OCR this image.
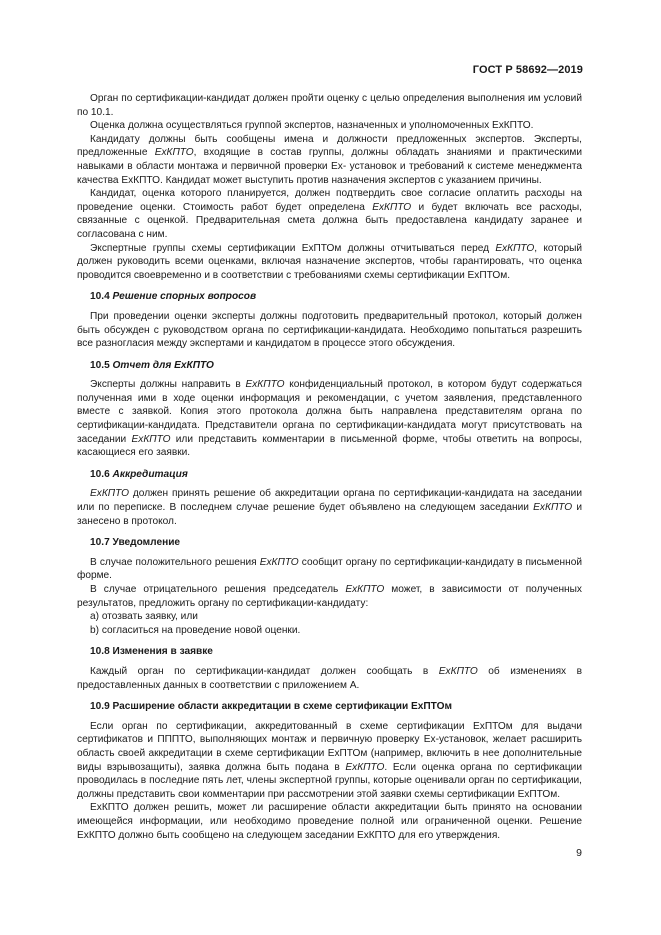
ГОСТ Р 58692—2019

Орган по сертификации-кандидат должен пройти оценку с целью определения выполнения им условий по 10.1.

Оценка должна осуществляться группой экспертов, назначенных и уполномоченных ExКПТО.

Кандидату должны быть сообщены имена и должности предложенных экспертов. Эксперты, предложенные ExКПТО, входящие в состав группы, должны обладать знаниями и практическими навыками в области монтажа и первичной проверки Ex- установок и требований к системе менеджмента качества ExКПТО. Кандидат может выступить против назначения экспертов с указанием причины.

Кандидат, оценка которого планируется, должен подтвердить свое согласие оплатить расходы на проведение оценки. Стоимость работ будет определена ExКПТО и будет включать все расходы, связанные с оценкой. Предварительная смета должна быть предоставлена кандидату заранее и согласована с ним.

Экспертные группы схемы сертификации ExПТОм должны отчитываться перед ExКПТО, который должен руководить всеми оценками, включая назначение экспертов, чтобы гарантировать, что оценка проводится своевременно и в соответствии с требованиями схемы сертификации ExПТОм.

10.4 Решение спорных вопросов

При проведении оценки эксперты должны подготовить предварительный протокол, который должен быть обсужден с руководством органа по сертификации-кандидата. Необходимо попытаться разрешить все разногласия между экспертами и кандидатом в процессе этого обсуждения.

10.5 Отчет для ExКПТО

Эксперты должны направить в ExКПТО конфиденциальный протокол, в котором будут содержаться полученная ими в ходе оценки информация и рекомендации, с учетом заявления, представленного вместе с заявкой. Копия этого протокола должна быть направлена представителям органа по сертификации-кандидата. Представители органа по сертификации-кандидата могут присутствовать на заседании ExКПТО или представить комментарии в письменной форме, чтобы ответить на вопросы, касающиеся его заявки.

10.6 Аккредитация

ExКПТО должен принять решение об аккредитации органа по сертификации-кандидата на заседании или по переписке. В последнем случае решение будет объявлено на следующем заседании ExКПТО и занесено в протокол.

10.7 Уведомление

В случае положительного решения ExКПТО сообщит органу по сертификации-кандидату в письменной форме.

В случае отрицательного решения председатель ExКПТО может, в зависимости от полученных результатов, предложить органу по сертификации-кандидату:

a) отозвать заявку, или

b) согласиться на проведение новой оценки.

10.8 Изменения в заявке

Каждый орган по сертификации-кандидат должен сообщать в ExКПТО об изменениях в предоставленных данных в соответствии с приложением А.

10.9 Расширение области аккредитации в схеме сертификации ExПТОм

Если орган по сертификации, аккредитованный в схеме сертификации ExПТОм для выдачи сертификатов и ПППТО, выполняющих монтаж и первичную проверку Ex-установок, желает расширить область своей аккредитации в схеме сертификации ExПТОм (например, включить в нее дополнительные виды взрывозащиты), заявка должна быть подана в ExКПТО. Если оценка органа по сертификации проводилась в последние пять лет, члены экспертной группы, которые оценивали орган по сертификации, должны представить свои комментарии при рассмотрении этой заявки схемы сертификации ExПТОм.

ExКПТО должен решить, может ли расширение области аккредитации быть принято на основании имеющейся информации, или необходимо проведение полной или ограниченной оценки. Решение ExКПТО должно быть сообщено на следующем заседании ExКПТО для его утверждения.

9
